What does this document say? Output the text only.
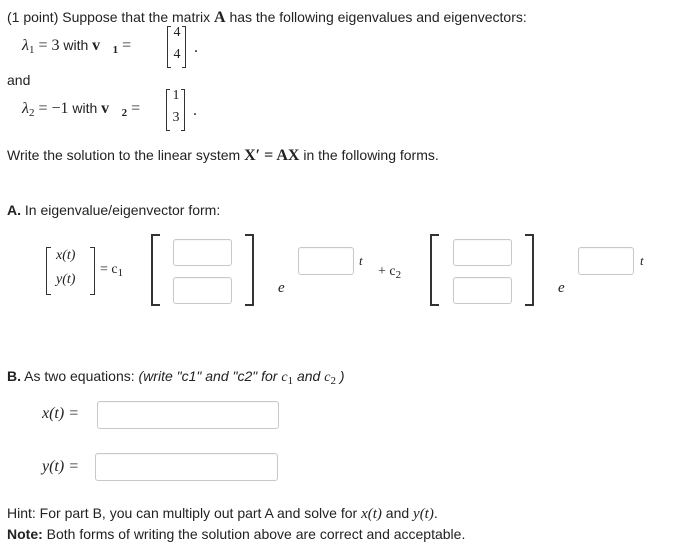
(1 point) Suppose that the matrix A has the following eigenvalues and eigenvectors:
$\lambda_1 = 3$ with $v⃗_1$ =
4
4 .
and
$\lambda_2 = -1$ with $v⃗_2$ =
1
3 .
Write the solution to the linear system X′ = AX in the following forms.
A. In eigenvalue/eigenvector form:
x(t)
y(t)
= $c_1$
e
t
+ $c_2$
e
t
B. As two equations: (write "c1" and "c2" for $c_1$ and $c_2$ )
x(t) =
y(t) =
Hint: For part B, you can multiply out part A and solve for x(t) and y(t).
Note: Both forms of writing the solution above are correct and acceptable.
